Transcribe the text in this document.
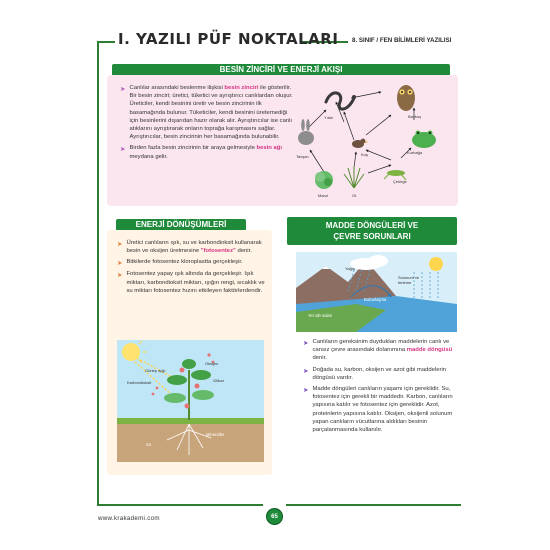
I. YAZILI PÜF NOKTALARI 8. SINIF / FEN BİLİMLERİ YAZILISI
BESİN ZİNCİRİ VE ENERJİ AKIŞI
➤ Canlılar arasındaki beslenme ilişkisi besin zinciri ile gösterilir. Bir besin zinciri; üretici, tüketici ve ayrıştırıcı canlılardan oluşur. Üreticiler, kendi besinini üretir ve besin zincirinin ilk basamağında bulunur. Tüketiciler, kendi besinini üretemediği için besinlerini dışarıdan hazır olarak alır. Ayrıştırıcılar ise canlı atıklarını ayrıştırarak onların toprağa karışmasını sağlar. Ayrıştırıcılar, besin zincirinin her basamağında bulunabilir.

➤ Birden fazla besin zincirinin bir araya gelmesiyle besin ağı meydana gelir.

Yılan	Baykuş
Kurbağa
Tavşan	Kuş
Marul	Ot
Çekirge
ENERJİ DÖNÜŞÜMLERİ
➤ Üretici canlıların ışık, su ve karbondioksit kullanarak besin ve oksijen üretmesine "fotosentez" denir.

➤ Bitkilerde fotosentez kloroplastta gerçekleşir.

➤ Fotosentez yapay ışık altında da gerçekleşir. Işık miktarı, karbondioksit miktarı, ışığın rengi, sıcaklık ve su miktarı fotosentez hızını etkileyen faktörlerdendir.

Güneş ışığı
Oksijen
Karbondioksit	Glikoz
Mineraller
Su
MADDE DÖNGÜLERİ VE
ÇEVRE SORUNLARI
Yağış
Solunum ve terleme
Buharlaşma
Yer altı suları
➤ Canlıların gereksinim duydukları maddelerin canlı ve cansız çevre arasındaki dolanımına madde döngüsü denir.

➤ Doğada su, karbon, oksijen ve azot gibi maddelerin döngüsü vardır.

➤ Madde döngüleri canlıların yaşamı için gereklidir. Su, fotosentez için gerekli bir maddedir. Karbon, canlıların yapısına katılır ve fotosentez için gereklidir. Azot, proteinlerin yapısına katılır. Oksijen, oksijenli solunum yapan canlıların vücutlarına aldıkları besinin parçalanmasında kullanılır.

www.krakademi.com	65
